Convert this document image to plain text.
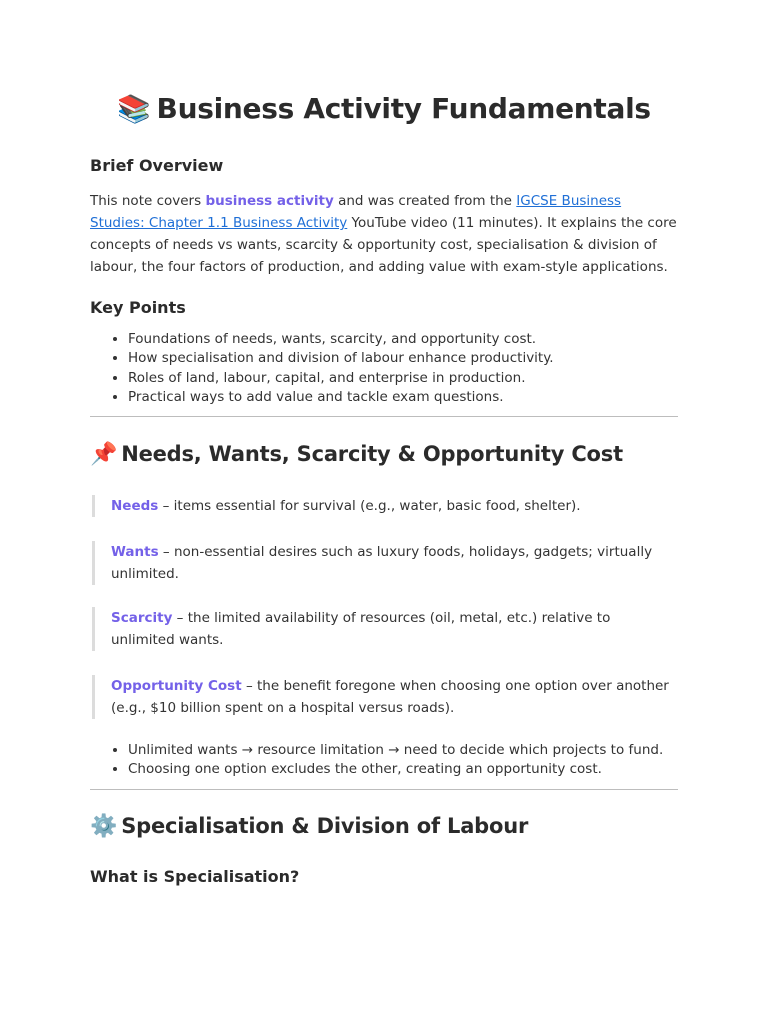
📚 Business Activity Fundamentals
Brief Overview

This note covers business activity and was created from the IGCSE Business Studies: Chapter 1.1 Business Activity YouTube video (11 minutes). It explains the core concepts of needs vs wants, scarcity & opportunity cost, specialisation & division of labour, the four factors of production, and adding value with exam-style applications.

Key Points
• Foundations of needs, wants, scarcity, and opportunity cost.
• How specialisation and division of labour enhance productivity.
• Roles of land, labour, capital, and enterprise in production.
• Practical ways to add value and tackle exam questions.
📌 Needs, Wants, Scarcity & Opportunity Cost
Needs – items essential for survival (e.g., water, basic food, shelter).
Wants – non-essential desires such as luxury foods, holidays, gadgets; virtually unlimited.
Scarcity – the limited availability of resources (oil, metal, etc.) relative to unlimited wants.
Opportunity Cost – the benefit foregone when choosing one option over another (e.g., $10 billion spent on a hospital versus roads).
• Unlimited wants → resource limitation → need to decide which projects to fund.
• Choosing one option excludes the other, creating an opportunity cost.
⚙️ Specialisation & Division of Labour
What is Specialisation?
